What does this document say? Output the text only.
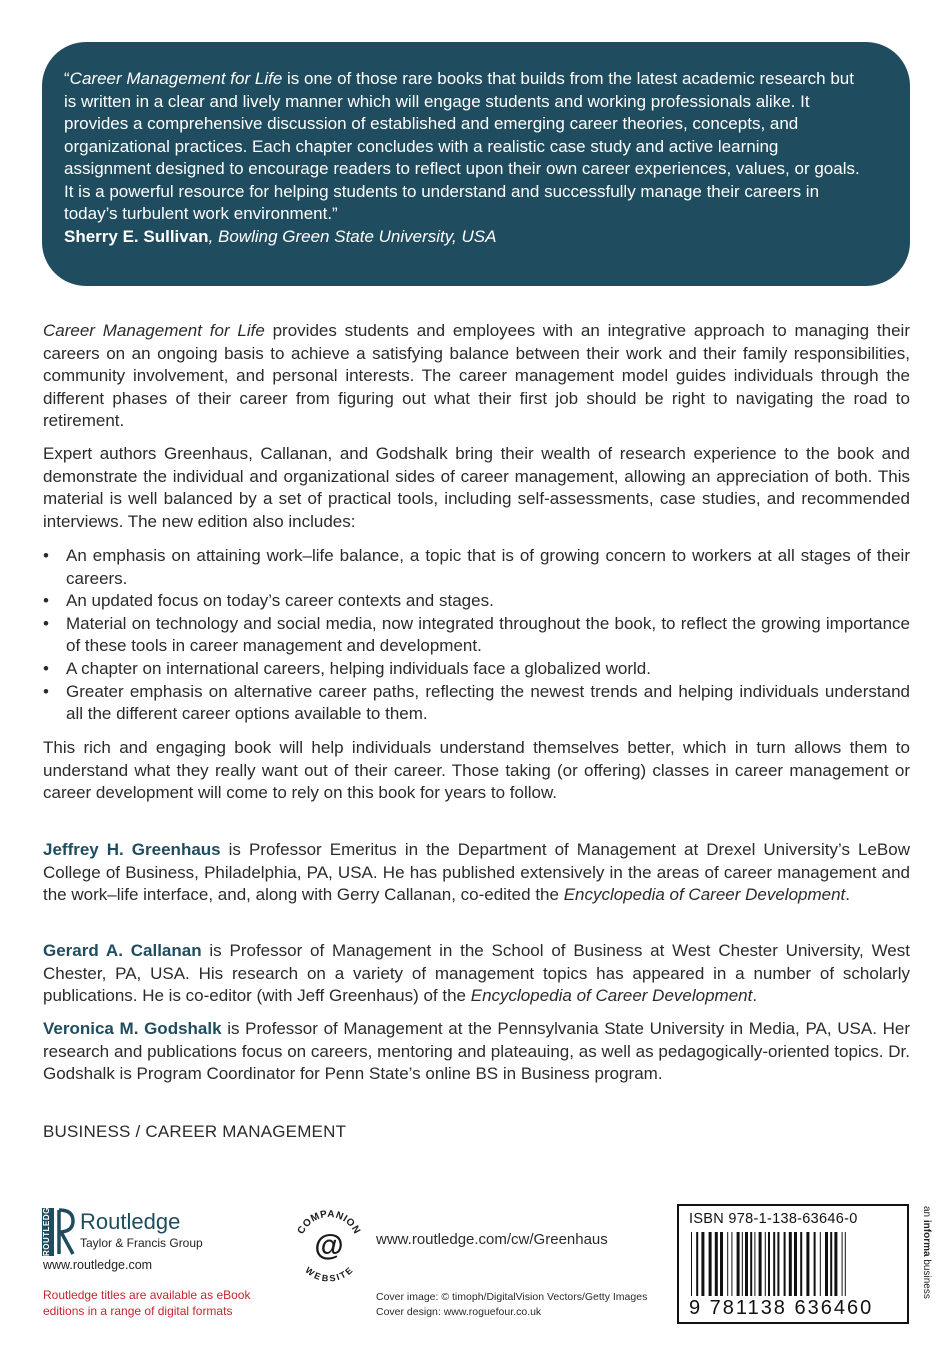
“Career Management for Life is one of those rare books that builds from the latest academic research but is written in a clear and lively manner which will engage students and working professionals alike. It provides a comprehensive discussion of established and emerging career theories, concepts, and organizational practices. Each chapter concludes with a realistic case study and active learning assignment designed to encourage readers to reflect upon their own career experiences, values, or goals. It is a powerful resource for helping students to understand and successfully manage their careers in today’s turbulent work environment.”

Sherry E. Sullivan, Bowling Green State University, USA

Career Management for Life provides students and employees with an integrative approach to managing their careers on an ongoing basis to achieve a satisfying balance between their work and their family responsibilities, community involvement, and personal interests. The career management model guides individuals through the different phases of their career from figuring out what their first job should be right to navigating the road to retirement.

Expert authors Greenhaus, Callanan, and Godshalk bring their wealth of research experience to the book and demonstrate the individual and organizational sides of career management, allowing an appreciation of both. This material is well balanced by a set of practical tools, including self-assessments, case studies, and recommended interviews. The new edition also includes:

• An emphasis on attaining work–life balance, a topic that is of growing concern to workers at all stages of their careers.
• An updated focus on today’s career contexts and stages.
• Material on technology and social media, now integrated throughout the book, to reflect the growing importance of these tools in career management and development.
• A chapter on international careers, helping individuals face a globalized world.
• Greater emphasis on alternative career paths, reflecting the newest trends and helping individuals understand all the different career options available to them.

This rich and engaging book will help individuals understand themselves better, which in turn allows them to understand what they really want out of their career. Those taking (or offering) classes in career management or career development will come to rely on this book for years to follow.

Jeffrey H. Greenhaus is Professor Emeritus in the Department of Management at Drexel University’s LeBow College of Business, Philadelphia, PA, USA. He has published extensively in the areas of career management and the work–life interface, and, along with Gerry Callanan, co-edited the Encyclopedia of Career Development.

Gerard A. Callanan is Professor of Management in the School of Business at West Chester University, West Chester, PA, USA. His research on a variety of management topics has appeared in a number of scholarly publications. He is co-editor (with Jeff Greenhaus) of the Encyclopedia of Career Development.

Veronica M. Godshalk is Professor of Management at the Pennsylvania State University in Media, PA, USA. Her research and publications focus on careers, mentoring and plateauing, as well as pedagogically-oriented topics. Dr. Godshalk is Program Coordinator for Penn State’s online BS in Business program.

BUSINESS / CAREER MANAGEMENT
ROUTLEDGE Routledge
Taylor & Francis Group
www.routledge.com
Routledge titles are available as eBook
editions in a range of digital formats
COMPANION
WEBSITE
@ www.routledge.com/cw/Greenhaus
Cover image: © timoph/DigitalVision Vectors/Getty Images
Cover design: www.roguefour.co.uk
ISBN 978-1-138-63646-0
9 781138 636460
an informa business
